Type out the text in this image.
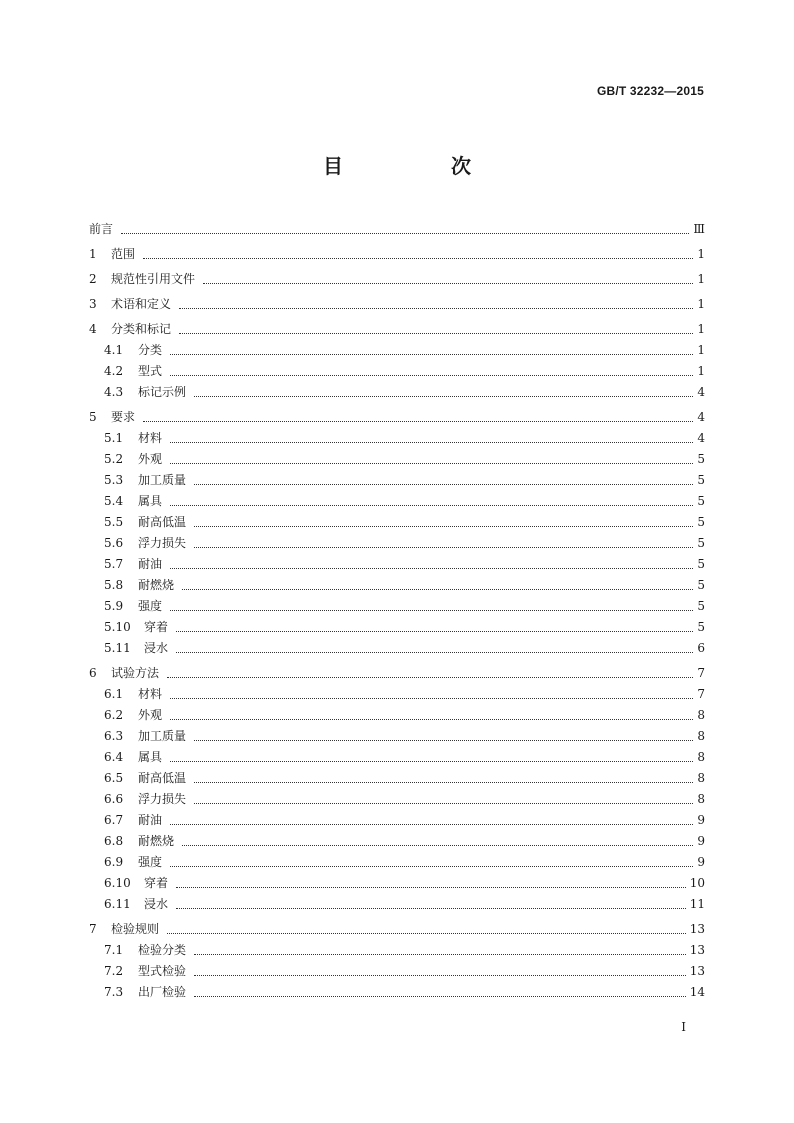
GB/T 32232—2015
目　次
前言	Ⅲ
1	范围	1
2	规范性引用文件	1
3	术语和定义	1
4	分类和标记	1
4.1	分类	1
4.2	型式	1
4.3	标记示例	4
5	要求	4
5.1	材料	4
5.2	外观	5
5.3	加工质量	5
5.4	属具	5
5.5	耐高低温	5
5.6	浮力损失	5
5.7	耐油	5
5.8	耐燃烧	5
5.9	强度	5
5.10	穿着	5
5.11	浸水	6
6	试验方法	7
6.1	材料	7
6.2	外观	8
6.3	加工质量	8
6.4	属具	8
6.5	耐高低温	8
6.6	浮力损失	8
6.7	耐油	9
6.8	耐燃烧	9
6.9	强度	9
6.10	穿着	10
6.11	浸水	11
7	检验规则	13
7.1	检验分类	13
7.2	型式检验	13
7.3	出厂检验	14
I
